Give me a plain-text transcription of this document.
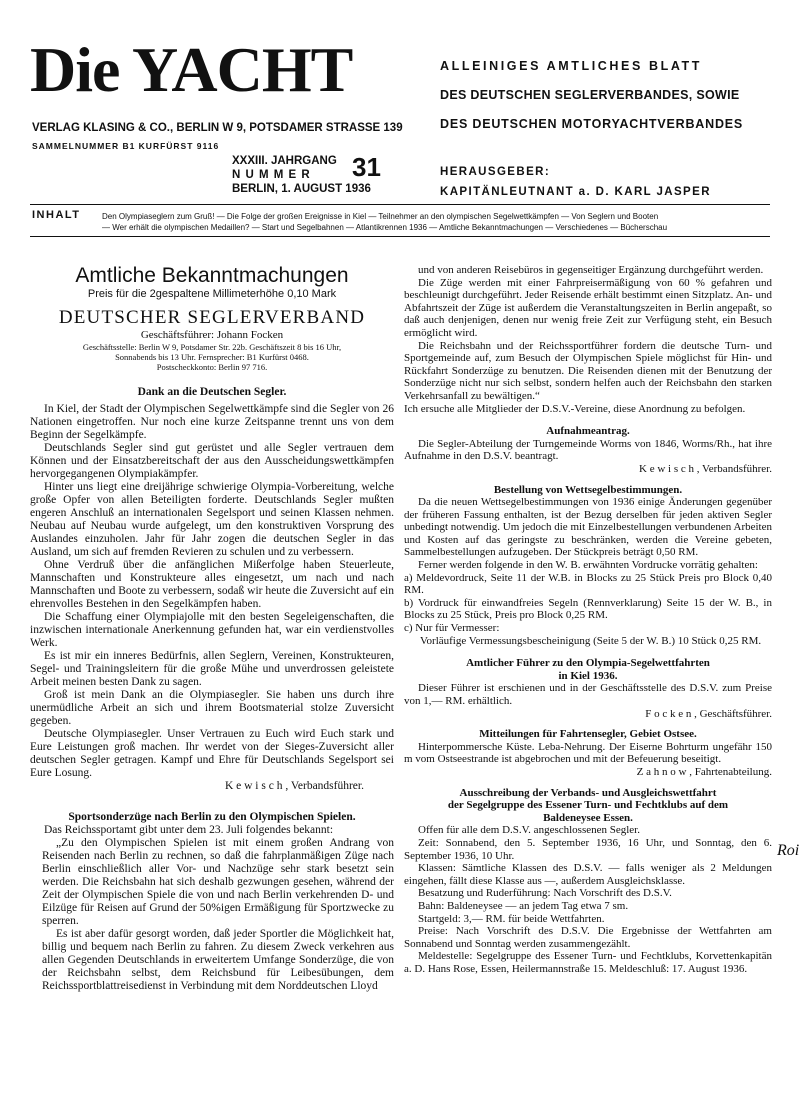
Die YACHT
VERLAG KLASING & CO., BERLIN W 9, POTSDAMER STRASSE 139
SAMMELNUMMER B1 KURFÜRST 9116
XXXIII. JAHRGANG
N U M M E R
BERLIN, 1. AUGUST 1936
31
ALLEINIGES AMTLICHES BLATT
DES DEUTSCHEN SEGLERVERBANDES, SOWIE
DES DEUTSCHEN MOTORYACHTVERBANDES
HERAUSGEBER:
KAPITÄNLEUTNANT a. D. KARL JASPER
INHALT	Den Olympiaseglern zum Gruß! — Die Folge der großen Ereignisse in Kiel — Teilnehmer an den olympischen Segelwettkämpfen — Von Seglern und Booten
— Wer erhält die olympischen Medaillen? — Start und Segelbahnen — Atlantikrennen 1936 — Amtliche Bekanntmachungen — Verschiedenes — Bücherschau
Amtliche Bekanntmachungen
Preis für die 2gespaltene Millimeterhöhe 0,10 Mark
DEUTSCHER SEGLERVERBAND
Geschäftsführer: Johann Focken
Geschäftsstelle: Berlin W 9, Potsdamer Str. 22b. Geschäftszeit 8 bis 16 Uhr,
Sonnabends bis 13 Uhr. Fernsprecher: B1 Kurfürst 0468.
Postscheckkonto: Berlin 97 716.
Dank an die Deutschen Segler.

In Kiel, der Stadt der Olympischen Segelwettkämpfe sind die Segler von 26 Nationen eingetroffen. Nur noch eine kurze Zeitspanne trennt uns von dem Beginn der Segelkämpfe.

Deutschlands Segler sind gut gerüstet und alle Segler vertrauen dem Können und der Einsatzbereitschaft der aus den Ausscheidungswettkämpfen hervorgegangenen Olympiakämpfer.

Hinter uns liegt eine dreijährige schwierige Olympia-Vorbereitung, welche große Opfer von allen Beteiligten forderte. Deutschlands Segler mußten engeren Anschluß an internationalen Segelsport und seinen Klassen nehmen. Neubau auf Neubau wurde aufgelegt, um den konstruktiven Vorsprung des Auslandes einzuholen. Jahr für Jahr zogen die deutschen Segler in das Ausland, um sich auf fremden Revieren zu schulen und zu verbessern.

Ohne Verdruß über die anfänglichen Mißerfolge haben Steuerleute, Mannschaften und Konstrukteure alles eingesetzt, um nach und nach Mannschaften und Boote zu verbessern, sodaß wir heute die Zuversicht auf ein ehrenvolles Bestehen in den Segelkämpfen haben.

Die Schaffung einer Olympiajolle mit den besten Segeleigenschaften, die inzwischen internationale Anerkennung gefunden hat, war ein verdienstvolles Werk.

Es ist mir ein inneres Bedürfnis, allen Seglern, Vereinen, Konstrukteuren, Segel- und Trainingsleitern für die große Mühe und unverdrossen geleistete Arbeit meinen besten Dank zu sagen.

Groß ist mein Dank an die Olympiasegler. Sie haben uns durch ihre unermüdliche Arbeit an sich und ihrem Bootsmaterial stolze Zuversicht gegeben.

Deutsche Olympiasegler. Unser Vertrauen zu Euch wird Euch stark und Eure Leistungen groß machen. Ihr werdet von der Sieges-Zuversicht aller deutschen Segler getragen. Kampf und Ehre für Deutschlands Segelsport sei Eure Losung.

K e w i s c h , Verbandsführer.

Sportsonderzüge nach Berlin zu den Olympischen Spielen.

Das Reichssportamt gibt unter dem 23. Juli folgendes bekannt:

„Zu den Olympischen Spielen ist mit einem großen Andrang von Reisenden nach Berlin zu rechnen, so daß die fahrplanmäßigen Züge nach Berlin einschließlich aller Vor- und Nachzüge sehr stark besetzt sein werden. Die Reichsbahn hat sich deshalb gezwungen gesehen, während der Zeit der Olympischen Spiele die von und nach Berlin verkehrenden D- und Eilzüge für Reisen auf Grund der 50%igen Ermäßigung für Sportzwecke zu sperren.

Es ist aber dafür gesorgt worden, daß jeder Sportler die Möglichkeit hat, billig und bequem nach Berlin zu fahren. Zu diesem Zweck verkehren aus allen Gegenden Deutschlands in erweitertem Umfange Sonderzüge, die von der Reichsbahn selbst, dem Reichsbund für Leibesübungen, dem Reichssportblattreisedienst in Verbindung mit dem Norddeutschen Lloyd

und von anderen Reisebüros in gegenseitiger Ergänzung durchgeführt werden.

Die Züge werden mit einer Fahrpreisermäßigung von 60 % gefahren und beschleunigt durchgeführt. Jeder Reisende erhält bestimmt einen Sitzplatz. An- und Abfahrtszeit der Züge ist außerdem die Veranstaltungszeiten in Berlin angepaßt, so daß auch denjenigen, denen nur wenig freie Zeit zur Verfügung steht, ein Besuch ermöglicht wird.

Die Reichsbahn und der Reichssportführer fordern die deutsche Turn- und Sportgemeinde auf, zum Besuch der Olympischen Spiele möglichst für Hin- und Rückfahrt Sonderzüge zu benutzen. Die Reisenden dienen mit der Benutzung der Sonderzüge nicht nur sich selbst, sondern helfen auch der Reichsbahn den starken Verkehrsanfall zu bewältigen.“

Ich ersuche alle Mitglieder der D.S.V.-Vereine, diese Anordnung zu befolgen.

Aufnahmeantrag.

Die Segler-Abteilung der Turngemeinde Worms von 1846, Worms/Rh., hat ihre Aufnahme in den D.S.V. beantragt.

K e w i s c h , Verbandsführer.

Bestellung von Wettsegelbestimmungen.

Da die neuen Wettsegelbestimmungen von 1936 einige Änderungen gegenüber der früheren Fassung enthalten, ist der Bezug derselben für jeden aktiven Segler unbedingt notwendig. Um jedoch die mit Einzelbestellungen verbundenen Arbeiten und Kosten auf das geringste zu beschränken, werden die Vereine gebeten, Sammelbestellungen aufzugeben. Der Stückpreis beträgt 0,50 RM.

Ferner werden folgende in den W. B. erwähnten Vordrucke vorrätig gehalten:

a) Meldevordruck, Seite 11 der W.B. in Blocks zu 25 Stück Preis pro Block 0,40 RM.

b) Vordruck für einwandfreies Segeln (Rennverklarung) Seite 15 der W. B., in Blocks zu 25 Stück, Preis pro Block 0,25 RM.

c) Nur für Vermesser:

Vorläufige Vermessungsbescheinigung (Seite 5 der W. B.) 10 Stück 0,25 RM.

Amtlicher Führer zu den Olympia-Segelwettfahrten
in Kiel 1936.

Dieser Führer ist erschienen und in der Geschäftsstelle des D.S.V. zum Preise von 1,— RM. erhältlich.

F o c k e n , Geschäftsführer.

Mitteilungen für Fahrtensegler, Gebiet Ostsee.

Hinterpommersche Küste. Leba-Nehrung. Der Eiserne Bohrturm ungefähr 150 m vom Ostseestrande ist abgebrochen und mit der Befeuerung beseitigt.

Z a h n o w , Fahrtenabteilung.

Ausschreibung der Verbands- und Ausgleichswettfahrt
der Segelgruppe des Essener Turn- und Fechtklubs auf dem
Baldeneysee Essen.

Offen für alle dem D.S.V. angeschlossenen Segler.

Zeit: Sonnabend, den 5. September 1936, 16 Uhr, und Sonntag, den 6. September 1936, 10 Uhr.

Klassen: Sämtliche Klassen des D.S.V. — falls weniger als 2 Meldungen eingehen, fällt diese Klasse aus —, außerdem Ausgleichsklasse.

Besatzung und Ruderführung: Nach Vorschrift des D.S.V.

Bahn: Baldeneysee — an jedem Tag etwa 7 sm.

Startgeld: 3,— RM. für beide Wettfahrten.

Preise: Nach Vorschrift des D.S.V. Die Ergebnisse der Wettfahrten am Sonnabend und Sonntag werden zusammengezählt.

Meldestelle: Segelgruppe des Essener Turn- und Fechtklubs, Korvettenkapitän a. D. Hans Rose, Essen, Heilermannstraße 15. Meldeschluß: 17. August 1936.

Roi
